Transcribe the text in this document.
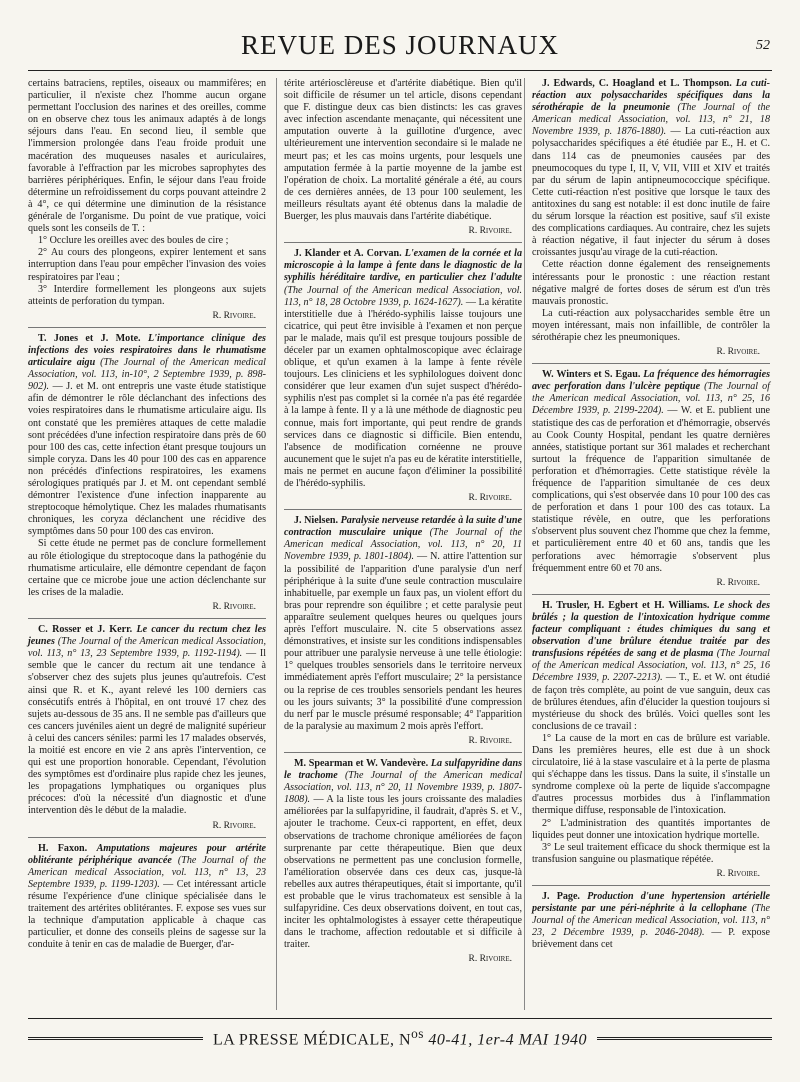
REVUE DES JOURNAUX	52

certains batraciens, reptiles, oiseaux ou mammifères; en particulier, il n'existe chez l'homme aucun organe permettant l'occlusion des narines et des oreilles, comme on en observe chez tous les animaux adaptés à de longs séjours dans l'eau. En second lieu, il semble que l'immersion prolongée dans l'eau froide produit une macération des muqueuses nasales et auriculaires, favorable à l'effraction par les microbes saprophytes des barrières périphériques. Enfin, le séjour dans l'eau froide détermine un refroidissement du corps pouvant atteindre 2 à 4°, ce qui détermine une diminution de la résistance générale de l'organisme. Du point de vue pratique, voici quels sont les conseils de T. :

1° Occlure les oreilles avec des boules de cire ;

2° Au cours des plongeons, expirer lentement et sans interruption dans l'eau pour empêcher l'invasion des voies respiratoires par l'eau ;

3° Interdire formellement les plongeons aux sujets atteints de perforation du tympan.

R. Rivoire.

T. Jones et J. Mote. L'importance clinique des infections des voies respiratoires dans le rhumatisme articulaire aigu (The Journal of the American medical Association, vol. 113, in-10°, 2 Septembre 1939, p. 898-902). — J. et M. ont entrepris une vaste étude statistique afin de démontrer le rôle déclanchant des infections des voies respiratoires dans le rhumatisme articulaire aigu. Ils ont constaté que les premières attaques de cette maladie sont précédées d'une infection respiratoire dans près de 60 pour 100 des cas, cette infection étant presque toujours un simple coryza. Dans les 40 pour 100 des cas en apparence non précédés d'infections respiratoires, les examens sérologiques pratiqués par J. et M. ont cependant semblé démontrer l'existence d'une infection inapparente au streptocoque hémolytique. Chez les malades rhumatisants chroniques, les coryza déclanchent une récidive des symptômes dans 50 pour 100 des cas environ.

Si cette étude ne permet pas de conclure formellement au rôle étiologique du streptocoque dans la pathogénie du rhumatisme articulaire, elle démontre cependant de façon certaine que ce microbe joue une action déclenchante sur les crises de la maladie.

R. Rivoire.

C. Rosser et J. Kerr. Le cancer du rectum chez les jeunes (The Journal of the American medical Association, vol. 113, n° 13, 23 Septembre 1939, p. 1192-1194). — Il semble que le cancer du rectum ait une tendance à s'observer chez des sujets plus jeunes qu'autrefois. C'est ainsi que R. et K., ayant relevé les 100 derniers cas consécutifs entrés à l'hôpital, en ont trouvé 17 chez des sujets au-dessous de 35 ans. Il ne semble pas d'ailleurs que ces cancers juvéniles aient un degré de malignité supérieur à celui des cancers séniles: parmi les 17 malades observés, la moitié est encore en vie 2 ans après l'intervention, ce qui est une proportion honorable. Cependant, l'évolution des symptômes est d'ordinaire plus rapide chez les jeunes, les propagations lymphatiques ou organiques plus précoces: d'où la nécessité d'un diagnostic et d'une intervention dès le début de la maladie.

R. Rivoire.

H. Faxon. Amputations majeures pour artérite oblitérante périphérique avancée (The Journal of the American medical Association, vol. 113, n° 13, 23 Septembre 1939, p. 1199-1203). — Cet intéressant article résume l'expérience d'une clinique spécialisée dans le traitement des artérites oblitérantes. F. expose ses vues sur la technique d'amputation applicable à chaque cas particulier, et donne des conseils pleins de sagesse sur la conduite à tenir en cas de maladie de Buerger, d'ar-

térite artériosclèreuse et d'artérite diabétique. Bien qu'il soit difficile de résumer un tel article, disons cependant que F. distingue deux cas bien distincts: les cas graves avec infection ascendante menaçante, qui nécessitent une amputation ouverte à la guillotine d'urgence, avec ultérieurement une intervention secondaire si le malade ne meurt pas; et les cas moins urgents, pour lesquels une amputation fermée à la partie moyenne de la jambe est l'opération de choix. La mortalité générale a été, au cours de ces dernières années, de 13 pour 100 seulement, les meilleurs résultats ayant été obtenus dans la maladie de Buerger, les plus mauvais dans l'artérite diabétique.

R. Rivoire.

J. Klander et A. Corvan. L'examen de la cornée et la microscopie à la lampe à fente dans le diagnostic de la syphilis héréditaire tardive, en particulier chez l'adulte (The Journal of the American medical Association, vol. 113, n° 18, 28 Octobre 1939, p. 1624-1627). — La kératite interstitielle due à l'hérédo-syphilis laisse toujours une cicatrice, qui peut être invisible à l'examen et non perçue par le malade, mais qu'il est presque toujours possible de déceler par un examen ophtalmoscopique avec éclairage oblique, et qu'un examen à la lampe à fente révèle toujours. Les cliniciens et les syphilologues doivent donc considérer que leur examen d'un sujet suspect d'hérédo-syphilis n'est pas complet si la cornée n'a pas été regardée à la lampe à fente. Il y a là une méthode de diagnostic peu connue, mais fort importante, qui peut rendre de grands services dans ce diagnostic si difficile. Bien entendu, l'absence de modification cornéenne ne prouve aucunement que le sujet n'a pas eu de kératite interstitielle, mais ne permet en aucune façon d'éliminer la possibilité de l'hérédo-syphilis.

R. Rivoire.

J. Nielsen. Paralysie nerveuse retardée à la suite d'une contraction musculaire unique (The Journal of the American medical Association, vol. 113, n° 20, 11 Novembre 1939, p. 1801-1804). — N. attire l'attention sur la possibilité de l'apparition d'une paralysie d'un nerf périphérique à la suite d'une seule contraction musculaire inhabituelle, par exemple un faux pas, un violent effort du bras pour reprendre son équilibre ; et cette paralysie peut apparaître seulement quelques heures ou quelques jours après l'effort musculaire. N. cite 5 observations assez démonstratives, et insiste sur les conditions indispensables pour attribuer une paralysie nerveuse à une telle étiologie: 1° quelques troubles sensoriels dans le territoire nerveux immédiatement après l'effort musculaire; 2° la persistance ou la reprise de ces troubles sensoriels pendant les heures ou les jours suivants; 3° la possibilité d'une compression du nerf par le muscle présumé responsable; 4° l'apparition de la paralysie au maximum 2 mois après l'effort.

R. Rivoire.

M. Spearman et W. Vandevère. La sulfapyridine dans le trachome (The Journal of the American medical Association, vol. 113, n° 20, 11 Novembre 1939, p. 1807-1808). — A la liste tous les jours croissante des maladies améliorées par la sulfapyridine, il faudrait, d'après S. et V., ajouter le trachome. Ceux-ci rapportent, en effet, deux observations de trachome chronique améliorées de façon surprenante par cette thérapeutique. Bien que deux observations ne permettent pas une conclusion formelle, l'amélioration observée dans ces deux cas, jusque-là rebelles aux autres thérapeutiques, était si importante, qu'il est probable que le virus trachomateux est sensible à la sulfapyridine. Ces deux observations doivent, en tout cas, inciter les ophtalmologistes à essayer cette thérapeutique dans le trachome, affection redoutable et si difficile à traiter.

R. Rivoire.

J. Edwards, C. Hoagland et L. Thompson. La cuti-réaction aux polysaccharides spécifiques dans la sérothérapie de la pneumonie (The Journal of the American medical Association, vol. 113, n° 21, 18 Novembre 1939, p. 1876-1880). — La cuti-réaction aux polysaccharides spécifiques a été étudiée par E., H. et C. dans 114 cas de pneumonies causées par des pneumocoques du type I, II, V, VII, VIII et XIV et traités par du sérum de lapin antipneumococcique spécifique. Cette cuti-réaction n'est positive que lorsque le taux des antitoxines du sang est notable: il est donc inutile de faire du sérum lorsque la réaction est positive, sauf s'il existe des complications cardiaques. Au contraire, chez les sujets à réaction négative, il faut injecter du sérum à doses croissantes jusqu'au virage de la cuti-réaction.

Cette réaction donne également des renseignements intéressants pour le pronostic : une réaction restant négative malgré de fortes doses de sérum est d'un très mauvais pronostic.

La cuti-réaction aux polysaccharides semble être un moyen intéressant, mais non infaillible, de contrôler la sérothérapie chez les pneumoniques.

R. Rivoire.

W. Winters et S. Egau. La fréquence des hémorragies avec perforation dans l'ulcère peptique (The Journal of the American medical Association, vol. 113, n° 25, 16 Décembre 1939, p. 2199-2204). — W. et E. publient une statistique des cas de perforation et d'hémorragie, observés au Cook County Hospital, pendant les quatre dernières années, statistique portant sur 361 malades et recherchant surtout la fréquence de l'apparition simultanée de perforation et d'hémorragies. Cette statistique révèle la fréquence de l'apparition simultanée de ces deux complications, qui s'est observée dans 10 pour 100 des cas de perforation et dans 1 pour 100 des cas totaux. La statistique révèle, en outre, que les perforations s'observent plus souvent chez l'homme que chez la femme, et particulièrement entre 40 et 60 ans, tandis que les perforations avec hémorragie s'observent plus fréquemment entre 60 et 70 ans.

R. Rivoire.

H. Trusler, H. Egbert et H. Williams. Le shock des brûlés ; la question de l'intoxication hydrique comme facteur compliquant : études chimiques du sang et observation d'une brûlure étendue traitée par des transfusions répétées de sang et de plasma (The Journal of the American medical Association, vol. 113, n° 25, 16 Décembre 1939, p. 2207-2213). — T., E. et W. ont étudié de façon très complète, au point de vue sanguin, deux cas de brûlures étendues, afin d'élucider la question toujours si mystérieuse du shock des brûlés. Voici quelles sont les conclusions de ce travail :

1° La cause de la mort en cas de brûlure est variable. Dans les premières heures, elle est due à un shock circulatoire, lié à la stase vasculaire et à la perte de plasma qui s'échappe dans les tissus. Dans la suite, il s'installe un syndrome complexe où la perte de liquide s'accompagne d'autres processus morbides dus à l'inflammation thermique diffuse, responsable de l'intoxication.

2° L'administration des quantités importantes de liquides peut donner une intoxication hydrique mortelle.

3° Le seul traitement efficace du shock thermique est la transfusion sanguine ou plasmatique répétée.

R. Rivoire.

J. Page. Production d'une hypertension artérielle persistante par une péri-néphrite à la cellophane (The Journal of the American medical Association, vol. 113, n° 23, 2 Décembre 1939, p. 2046-2048). — P. expose brièvement dans cet

LA PRESSE MÉDICALE, $N^{os}$ 40-41, 1er-4 MAI 1940
